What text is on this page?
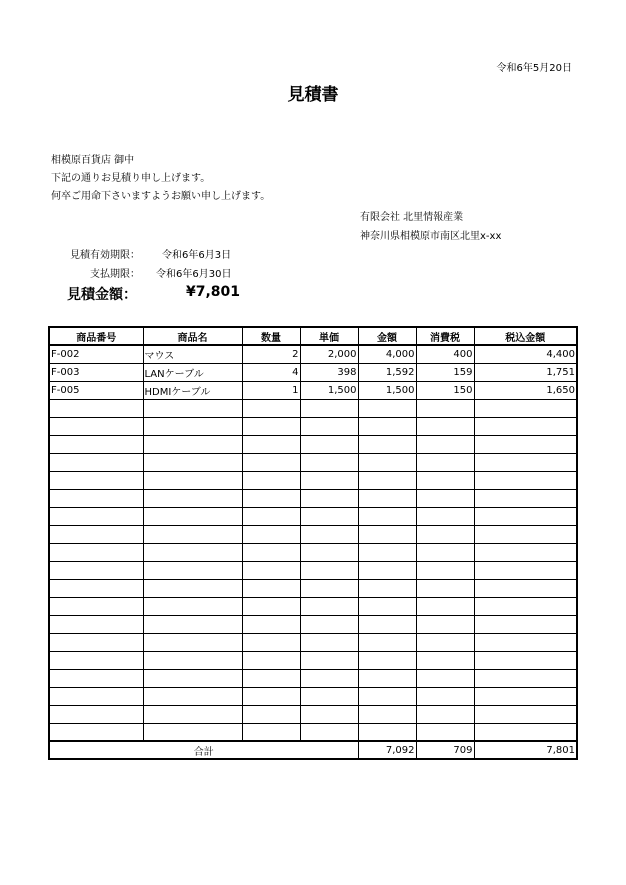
令和6年5月20日
見積書
相模原百貨店 御中
下記の通りお見積り申し上げます。
何卒ご用命下さいますようお願い申し上げます。
有限会社 北里情報産業
神奈川県相模原市南区北里x-xx
見積有効期限： 令和6年6月3日
支払期限： 令和6年6月30日
見積金額：	¥7,801
商品番号	商品名	数量	単価	金額	消費税	税込金額
F-002	マウス	2	2,000	4,000	400	4,400
F-003	LANケーブル	4	398	1,592	159	1,751
F-005	HDMIケーブル	1	1,500	1,500	150	1,650

合計				7,092	709	7,801
